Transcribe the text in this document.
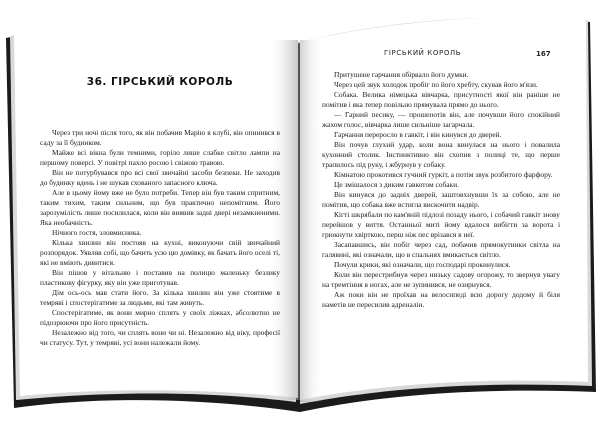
36. ГІРСЬКИЙ КОРОЛЬ

Через три ночі після того, як він побачив Марію в клубі, він опинився в саду за її будинком.

Майже всі вікна були темними, горіло лише слабке світло лампи на першому поверсі. У повітрі пахло росою і свіжою травою.

Він не потурбувався про всі свої звичайні засоби безпеки. Не заходив до будинку вдень і не шукав схованого запасного ключа.

Але в цьому йому вже не було потреби. Тепер він був таким спритним, таким тихим, таким сильним, що був практично непомітним. Його зарозумілість лише посилилася, коли він виявив задні двері незамкненими. Яка необачність.

Нічного гостя, зловмисника.

Кілька хвилин він постояв на кухні, виконуючи свій звичайний розпорядок. Уявляв собі, що бачить усю цю домівку, як бачать його оселі ті, які не вміють дивитися.

Він пішов у вітальню і поставив на полицю маленьку безлику пластикову фігурку, яку він уже приготував.

Дім ось-ось мав стати його. За кілька хвилин він уже стоятиме в темряві і спостерігатиме за людьми, які там живуть.

Спостерігатиме, як вони мирно сплять у своїх ліжках, абсолютно не підозрюючи про його присутність.

Незалежно від того, чи сплять вони чи ні. Незалежно від віку, професії чи статусу. Тут, у темряві, усі вони належали йому.

ГІРСЬКИЙ КОРОЛЬ	167

Притушене гарчання обірвало його думки.

Через цей звук холодок пробіг по його хребту, скував його м'язи.

Собака. Велика німецька вівчарка, присутності якої він раніше не помітив і яка тепер повільно прямувала прямо до нього.

— Гарний песику, — прошепотів він, але почувши його спокійний жахом голос, вівчарка лише сильніше загарчала.

Гарчання переросло в гавкіт, і він кинувся до дверей.

Він почув глухий удар, коли вона кинулася на нього і повалила кухонний столик. Інстинктивно він схопив з полиці те, що перше трапилось під руку, і жбурнув у собаку.

Кімнатою прокотився гучний гуркіт, а потім звук розбитого фарфору.

Це змішалося з диким гавкотом собаки.

Він кинувся до задніх дверей, заштовхнувши їх за собою, але не помітив, що собака вже встигла вискочити надвір.

Кігті шкрябали по кам'яній підлозі позаду нього, і собачий гавкіт знову перейшов у виття. Останньої миті йому вдалося вибігти за ворота і грюкнути хвірткою, перш ніж пес врізався в неї.

Засапавшись, він побіг через сад, побачив прямокутники світла на галявині, які означали, що в спальнях вмикається світло.

Почули крики, які означали, що господарі прокинулися.

Коли він перестрибнув через низьку садову огорожу, то звернув увагу на тремтіння в ногах, але не зупинився, не озирнувся.

Аж поки він не проїхав на велосипеді всю дорогу додому й біля наметів не пересилив адреналін.
